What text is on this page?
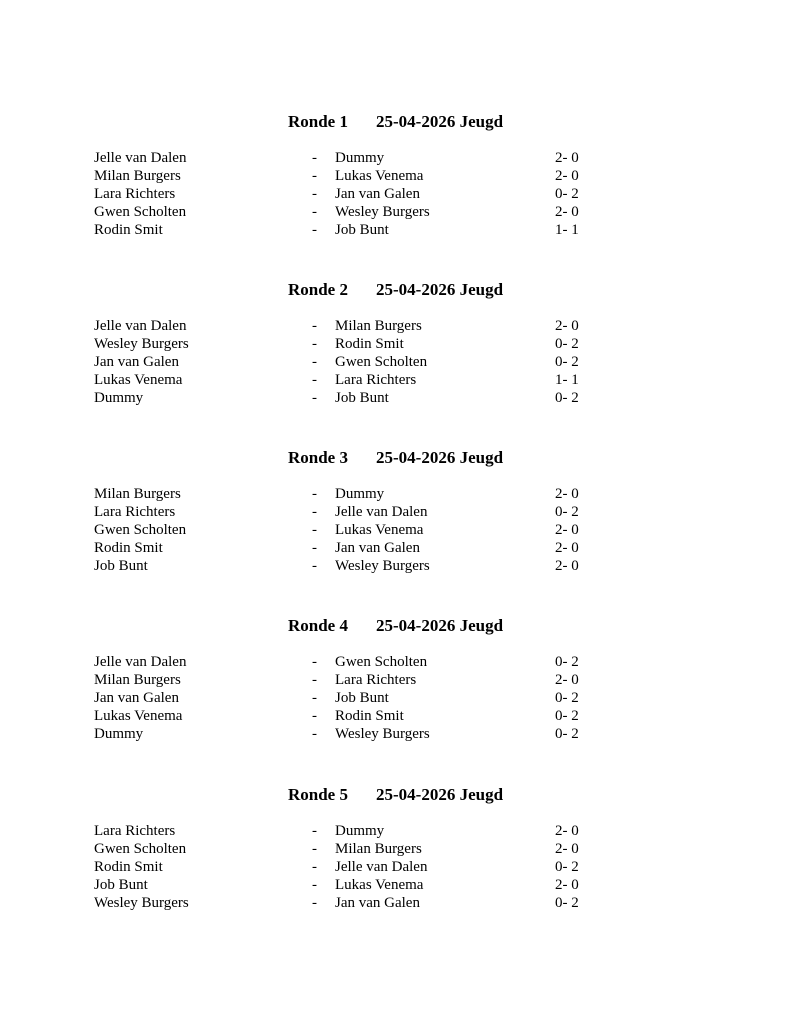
Ronde 1 25-04-2026 Jeugd
Jelle van Dalen	- Dummy	2- 0
Milan Burgers	- Lukas Venema	2- 0
Lara Richters	- Jan van Galen	0- 2
Gwen Scholten	- Wesley Burgers	2- 0
Rodin Smit	- Job Bunt	1- 1
Ronde 2 25-04-2026 Jeugd
Jelle van Dalen	- Milan Burgers	2- 0
Wesley Burgers	- Rodin Smit	0- 2
Jan van Galen	- Gwen Scholten	0- 2
Lukas Venema	- Lara Richters	1- 1
Dummy	- Job Bunt	0- 2
Ronde 3 25-04-2026 Jeugd
Milan Burgers	- Dummy	2- 0
Lara Richters	- Jelle van Dalen	0- 2
Gwen Scholten	- Lukas Venema	2- 0
Rodin Smit	- Jan van Galen	2- 0
Job Bunt	- Wesley Burgers	2- 0
Ronde 4 25-04-2026 Jeugd
Jelle van Dalen	- Gwen Scholten	0- 2
Milan Burgers	- Lara Richters	2- 0
Jan van Galen	- Job Bunt	0- 2
Lukas Venema	- Rodin Smit	0- 2
Dummy	- Wesley Burgers	0- 2
Ronde 5 25-04-2026 Jeugd
Lara Richters	- Dummy	2- 0
Gwen Scholten	- Milan Burgers	2- 0
Rodin Smit	- Jelle van Dalen	0- 2
Job Bunt	- Lukas Venema	2- 0
Wesley Burgers	- Jan van Galen	0- 2
